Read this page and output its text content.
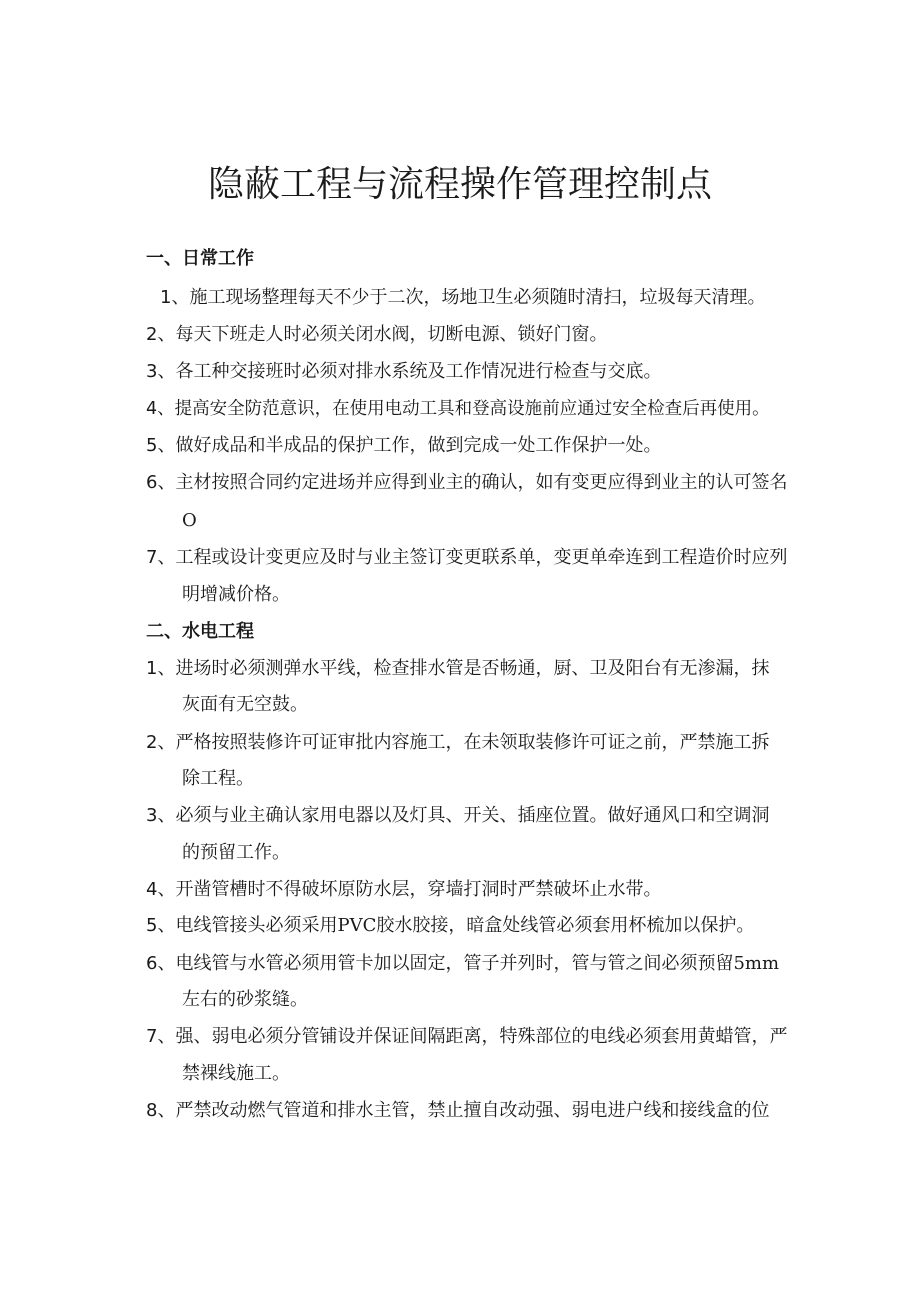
隐蔽工程与流程操作管理控制点
一、日常工作
1、施工现场整理每天不少于二次，场地卫生必须随时清扫，垃圾每天清理。
2、每天下班走人时必须关闭水阀，切断电源、锁好门窗。
3、各工种交接班时必须对排水系统及工作情况进行检查与交底。
4、提高安全防范意识，在使用电动工具和登高设施前应通过安全检查后再使用。
5、做好成品和半成品的保护工作，做到完成一处工作保护一处。
6、主材按照合同约定进场并应得到业主的确认，如有变更应得到业主的认可签名
O
7、工程或设计变更应及时与业主签订变更联系单，变更单牵连到工程造价时应列
明增减价格。
二、水电工程
1、进场时必须测弹水平线，检查排水管是否畅通，厨、卫及阳台有无渗漏，抹
灰面有无空鼓。
2、严格按照装修许可证审批内容施工，在未领取装修许可证之前，严禁施工拆
除工程。
3、必须与业主确认家用电器以及灯具、开关、插座位置。做好通风口和空调洞
的预留工作。
4、开凿管槽时不得破坏原防水层，穿墙打洞时严禁破坏止水带。
5、电线管接头必须采用PVC胶水胶接，暗盒处线管必须套用杯梳加以保护。
6、电线管与水管必须用管卡加以固定，管子并列时，管与管之间必须预留5mm
左右的砂浆缝。
7、强、弱电必须分管铺设并保证间隔距离，特殊部位的电线必须套用黄蜡管，严
禁裸线施工。
8、严禁改动燃气管道和排水主管，禁止擅自改动强、弱电进户线和接线盒的位
